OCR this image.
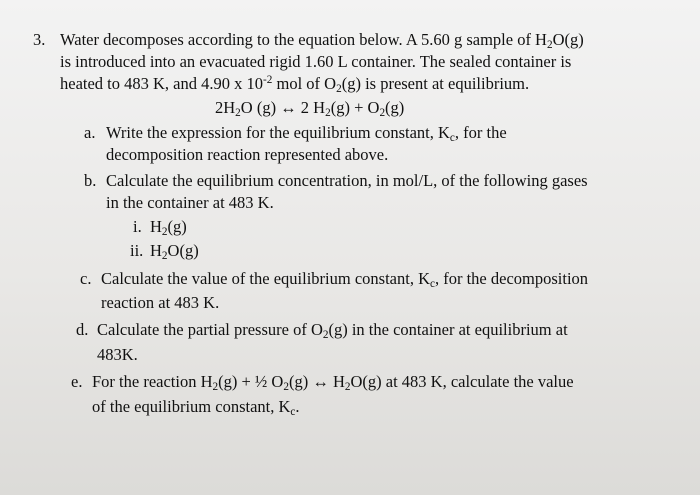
3. Water decomposes according to the equation below. A 5.60 g sample of $H_2O(g)$
is introduced into an evacuated rigid 1.60 L container. The sealed container is
heated to 483 K, and 4.90 x $10^{-2}$ mol of $O_2(g)$ is present at equilibrium.
$2H_2O$ (g) ↔ 2 $H_2(g) + O_2(g)$
a. Write the expression for the equilibrium constant, $K_c$, for the
decomposition reaction represented above.
b. Calculate the equilibrium concentration, in mol/L, of the following gases
in the container at 483 K.
i. $H_2(g)$
ii. $H_2O(g)$
c. Calculate the value of the equilibrium constant, $K_c$, for the decomposition
reaction at 483 K.
d. Calculate the partial pressure of $O_2(g)$ in the container at equilibrium at
483K.
e. For the reaction $H_2(g)$ + ½ $O_2(g)$ ↔ $H_2O(g)$ at 483 K, calculate the value
of the equilibrium constant, $K_c$.
